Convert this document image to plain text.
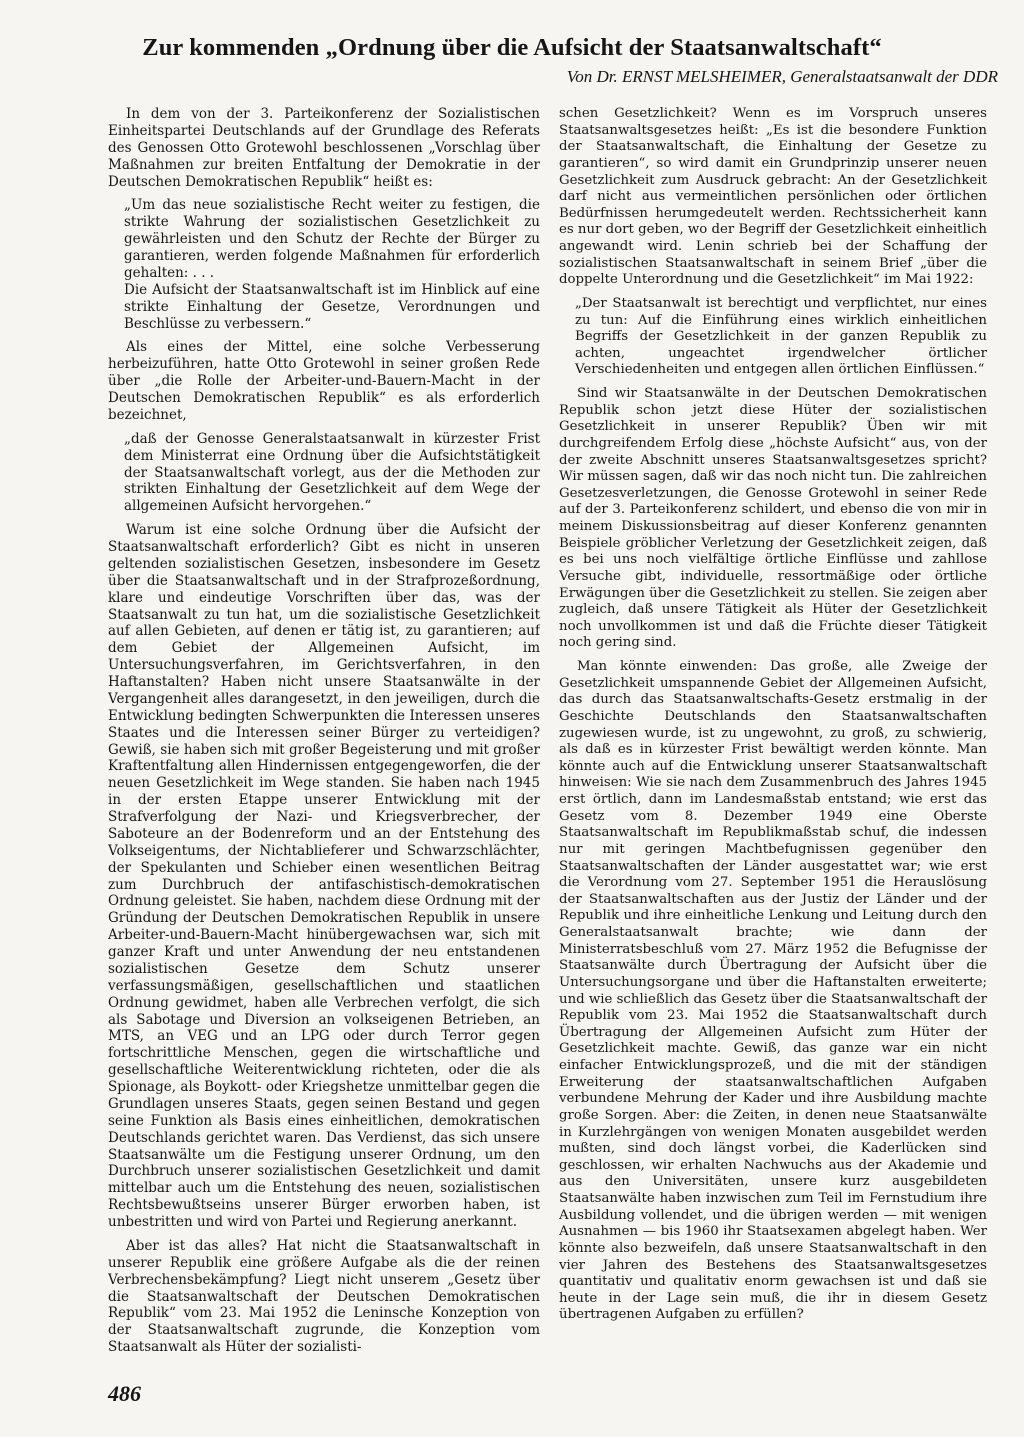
Zur kommenden „Ordnung über die Aufsicht der Staatsanwaltschaft“

Von Dr. ERNST MELSHEIMER, Generalstaatsanwalt der DDR

In dem von der 3. Parteikonferenz der Sozialistischen Einheitspartei Deutschlands auf der Grundlage des Referats des Genossen Otto Grotewohl beschlossenen „Vorschlag über Maßnahmen zur breiten Entfaltung der Demokratie in der Deutschen Demokratischen Republik“ heißt es:

„Um das neue sozialistische Recht weiter zu festigen, die strikte Wahrung der sozialistischen Gesetzlichkeit zu gewährleisten und den Schutz der Rechte der Bürger zu garantieren, werden folgende Maßnahmen für erforderlich gehalten: . . .

Die Aufsicht der Staatsanwaltschaft ist im Hinblick auf eine strikte Einhaltung der Gesetze, Verordnungen und Beschlüsse zu verbessern.“

Als eines der Mittel, eine solche Verbesserung herbeizuführen, hatte Otto Grotewohl in seiner großen Rede über „die Rolle der Arbeiter-und-Bauern-Macht in der Deutschen Demokratischen Republik“ es als erforderlich bezeichnet,

„daß der Genosse Generalstaatsanwalt in kürzester Frist dem Ministerrat eine Ordnung über die Aufsichtstätigkeit der Staatsanwaltschaft vorlegt, aus der die Methoden zur strikten Einhaltung der Gesetzlichkeit auf dem Wege der allgemeinen Aufsicht hervorgehen.“

Warum ist eine solche Ordnung über die Aufsicht der Staatsanwaltschaft erforderlich? Gibt es nicht in unseren geltenden sozialistischen Gesetzen, insbesondere im Gesetz über die Staatsanwaltschaft und in der Strafprozeßordnung, klare und eindeutige Vorschriften über das, was der Staatsanwalt zu tun hat, um die sozialistische Gesetzlichkeit auf allen Gebieten, auf denen er tätig ist, zu garantieren; auf dem Gebiet der Allgemeinen Aufsicht, im Untersuchungsverfahren, im Gerichtsverfahren, in den Haftanstalten? Haben nicht unsere Staatsanwälte in der Vergangenheit alles darangesetzt, in den jeweiligen, durch die Entwicklung bedingten Schwerpunkten die Interessen unseres Staates und die Interessen seiner Bürger zu verteidigen? Gewiß, sie haben sich mit großer Begeisterung und mit großer Kraftentfaltung allen Hindernissen entgegengeworfen, die der neuen Gesetzlichkeit im Wege standen. Sie haben nach 1945 in der ersten Etappe unserer Entwicklung mit der Strafverfolgung der Nazi- und Kriegsverbrecher, der Saboteure an der Bodenreform und an der Entstehung des Volkseigentums, der Nichtablieferer und Schwarzschlächter, der Spekulanten und Schieber einen wesentlichen Beitrag zum Durchbruch der antifaschistisch-demokratischen Ordnung geleistet. Sie haben, nachdem diese Ordnung mit der Gründung der Deutschen Demokratischen Republik in unsere Arbeiter-und-Bauern-Macht hinübergewachsen war, sich mit ganzer Kraft und unter Anwendung der neu entstandenen sozialistischen Gesetze dem Schutz unserer verfassungsmäßigen, gesellschaftlichen und staatlichen Ordnung gewidmet, haben alle Verbrechen verfolgt, die sich als Sabotage und Diversion an volkseigenen Betrieben, an MTS, an VEG und an LPG oder durch Terror gegen fortschrittliche Menschen, gegen die wirtschaftliche und gesellschaftliche Weiterentwicklung richteten, oder die als Spionage, als Boykott- oder Kriegshetze unmittelbar gegen die Grundlagen unseres Staats, gegen seinen Bestand und gegen seine Funktion als Basis eines einheitlichen, demokratischen Deutschlands gerichtet waren. Das Verdienst, das sich unsere Staatsanwälte um die Festigung unserer Ordnung, um den Durchbruch unserer sozialistischen Gesetzlichkeit und damit mittelbar auch um die Entstehung des neuen, sozialistischen Rechtsbewußtseins unserer Bürger erworben haben, ist unbestritten und wird von Partei und Regierung anerkannt.

Aber ist das alles? Hat nicht die Staatsanwaltschaft in unserer Republik eine größere Aufgabe als die der reinen Verbrechensbekämpfung? Liegt nicht unserem „Gesetz über die Staatsanwaltschaft der Deutschen Demokratischen Republik“ vom 23. Mai 1952 die Leninsche Konzeption von der Staatsanwaltschaft zugrunde, die Konzeption vom Staatsanwalt als Hüter der sozialisti-

schen Gesetzlichkeit? Wenn es im Vorspruch unseres Staatsanwaltsgesetzes heißt: „Es ist die besondere Funktion der Staatsanwaltschaft, die Einhaltung der Gesetze zu garantieren“, so wird damit ein Grundprinzip unserer neuen Gesetzlichkeit zum Ausdruck gebracht: An der Gesetzlichkeit darf nicht aus vermeintlichen persönlichen oder örtlichen Bedürfnissen herumgedeutelt werden. Rechtssicherheit kann es nur dort geben, wo der Begriff der Gesetzlichkeit einheitlich angewandt wird. Lenin schrieb bei der Schaffung der sozialistischen Staatsanwaltschaft in seinem Brief „über die doppelte Unterordnung und die Gesetzlichkeit“ im Mai 1922:

„Der Staatsanwalt ist berechtigt und verpflichtet, nur eines zu tun: Auf die Einführung eines wirklich einheitlichen Begriffs der Gesetzlichkeit in der ganzen Republik zu achten, ungeachtet irgendwelcher örtlicher Verschiedenheiten und entgegen allen örtlichen Einflüssen.“

Sind wir Staatsanwälte in der Deutschen Demokratischen Republik schon jetzt diese Hüter der sozialistischen Gesetzlichkeit in unserer Republik? Üben wir mit durchgreifendem Erfolg diese „höchste Aufsicht“ aus, von der der zweite Abschnitt unseres Staatsanwaltsgesetzes spricht? Wir müssen sagen, daß wir das noch nicht tun. Die zahlreichen Gesetzesverletzungen, die Genosse Grotewohl in seiner Rede auf der 3. Parteikonferenz schildert, und ebenso die von mir in meinem Diskussionsbeitrag auf dieser Konferenz genannten Beispiele gröblicher Verletzung der Gesetzlichkeit zeigen, daß es bei uns noch vielfältige örtliche Einflüsse und zahllose Versuche gibt, individuelle, ressortmäßige oder örtliche Erwägungen über die Gesetzlichkeit zu stellen. Sie zeigen aber zugleich, daß unsere Tätigkeit als Hüter der Gesetzlichkeit noch unvollkommen ist und daß die Früchte dieser Tätigkeit noch gering sind.

Man könnte einwenden: Das große, alle Zweige der Gesetzlichkeit umspannende Gebiet der Allgemeinen Aufsicht, das durch das Staatsanwaltschafts-Gesetz erstmalig in der Geschichte Deutschlands den Staatsanwaltschaften zugewiesen wurde, ist zu ungewohnt, zu groß, zu schwierig, als daß es in kürzester Frist bewältigt werden könnte. Man könnte auch auf die Entwicklung unserer Staatsanwaltschaft hinweisen: Wie sie nach dem Zusammenbruch des Jahres 1945 erst örtlich, dann im Landesmaßstab entstand; wie erst das Gesetz vom 8. Dezember 1949 eine Oberste Staatsanwaltschaft im Republikmaßstab schuf, die indessen nur mit geringen Machtbefugnissen gegenüber den Staatsanwaltschaften der Länder ausgestattet war; wie erst die Verordnung vom 27. September 1951 die Herauslösung der Staatsanwaltschaften aus der Justiz der Länder und der Republik und ihre einheitliche Lenkung und Leitung durch den Generalstaatsanwalt brachte; wie dann der Ministerratsbeschluß vom 27. März 1952 die Befugnisse der Staatsanwälte durch Übertragung der Aufsicht über die Untersuchungsorgane und über die Haftanstalten erweiterte; und wie schließlich das Gesetz über die Staatsanwaltschaft der Republik vom 23. Mai 1952 die Staatsanwaltschaft durch Übertragung der Allgemeinen Aufsicht zum Hüter der Gesetzlichkeit machte. Gewiß, das ganze war ein nicht einfacher Entwicklungsprozeß, und die mit der ständigen Erweiterung der staatsanwaltschaftlichen Aufgaben verbundene Mehrung der Kader und ihre Ausbildung machte große Sorgen. Aber: die Zeiten, in denen neue Staatsanwälte in Kurzlehrgängen von wenigen Monaten ausgebildet werden mußten, sind doch längst vorbei, die Kaderlücken sind geschlossen, wir erhalten Nachwuchs aus der Akademie und aus den Universitäten, unsere kurz ausgebildeten Staatsanwälte haben inzwischen zum Teil im Fernstudium ihre Ausbildung vollendet, und die übrigen werden — mit wenigen Ausnahmen — bis 1960 ihr Staatsexamen abgelegt haben. Wer könnte also bezweifeln, daß unsere Staatsanwaltschaft in den vier Jahren des Bestehens des Staatsanwaltsgesetzes quantitativ und qualitativ enorm gewachsen ist und daß sie heute in der Lage sein muß, die ihr in diesem Gesetz übertragenen Aufgaben zu erfüllen?

486
